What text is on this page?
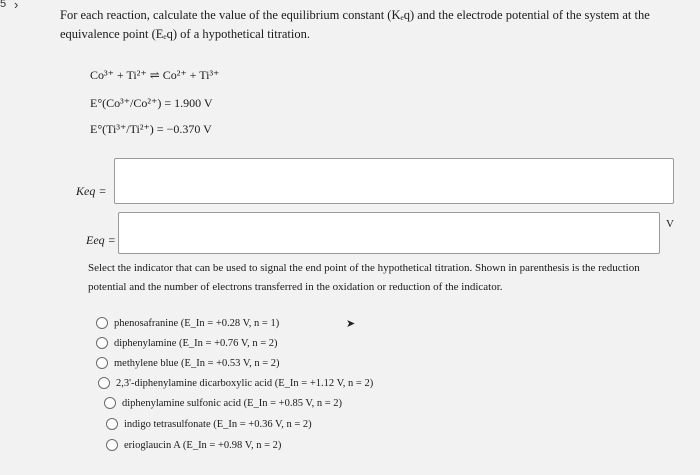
5 ›
For each reaction, calculate the value of the equilibrium constant (Kₑq) and the electrode potential of the system at the equivalence point (Eₑq) of a hypothetical titration.
Co³⁺ + Ti²⁺ ⇌ Co²⁺ + Ti³⁺
E°(Co³⁺/Co²⁺) = 1.900 V
E°(Ti³⁺/Ti²⁺) = −0.370 V
Keq =
Eeq =
V
Select the indicator that can be used to signal the end point of the hypothetical titration. Shown in parenthesis is the reduction potential and the number of electrons transferred in the oxidation or reduction of the indicator.
phenosafranine (E_In = +0.28 V, n = 1)
diphenylamine (E_In = +0.76 V, n = 2)
methylene blue (E_In = +0.53 V, n = 2)
2,3'-diphenylamine dicarboxylic acid (E_In = +1.12 V, n = 2)
diphenylamine sulfonic acid (E_In = +0.85 V, n = 2)
indigo tetrasulfonate (E_In = +0.36 V, n = 2)
erioglaucin A (E_In = +0.98 V, n = 2)
➤
